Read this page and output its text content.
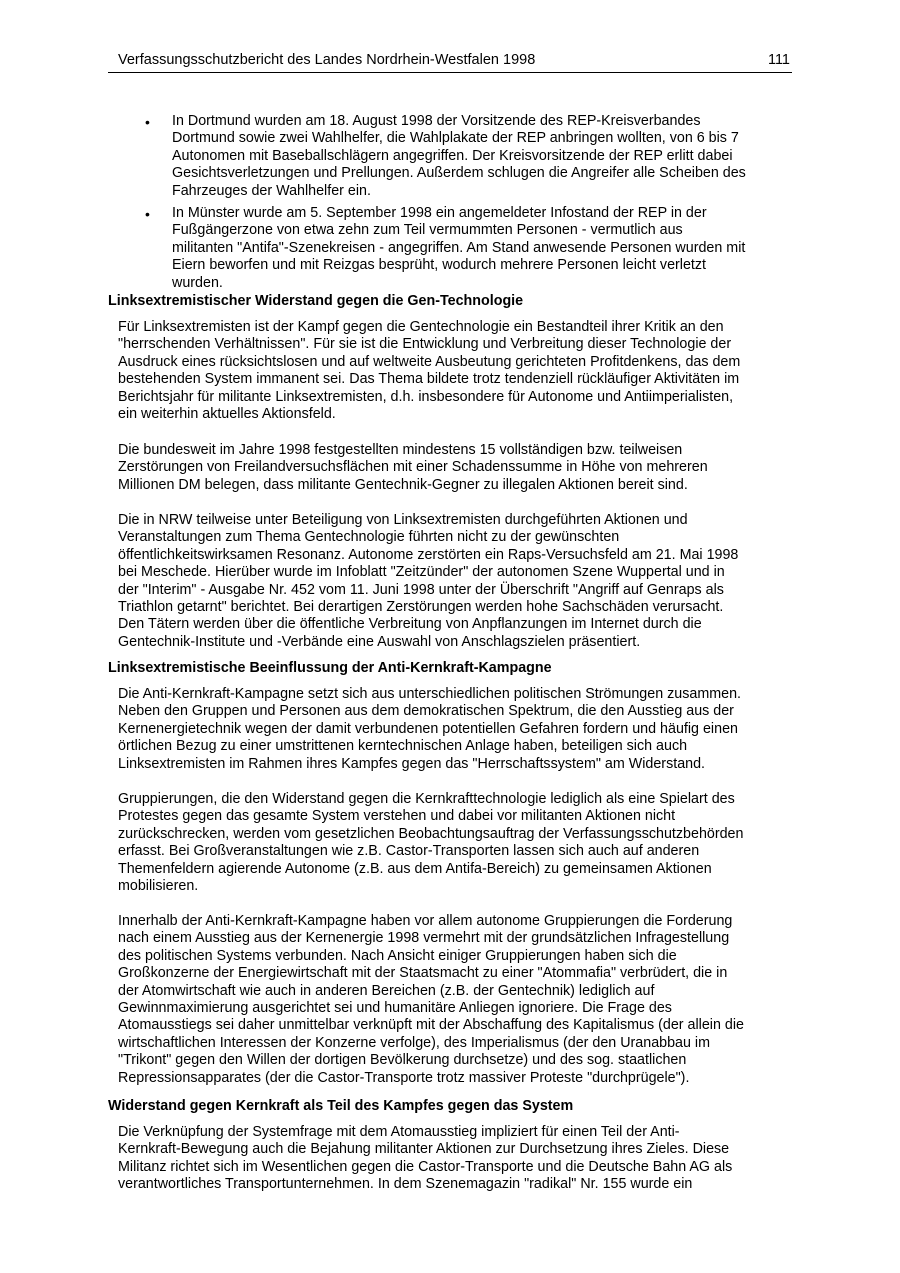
Verfassungsschutzbericht des Landes Nordrhein-Westfalen 1998	111
• In Dortmund wurden am 18. August 1998 der Vorsitzende des REP-Kreisverbandes
Dortmund sowie zwei Wahlhelfer, die Wahlplakate der REP anbringen wollten, von 6 bis 7
Autonomen mit Baseballschlägern angegriffen. Der Kreisvorsitzende der REP erlitt dabei
Gesichtsverletzungen und Prellungen. Außerdem schlugen die Angreifer alle Scheiben des
Fahrzeuges der Wahlhelfer ein.
• In Münster wurde am 5. September 1998 ein angemeldeter Infostand der REP in der
Fußgängerzone von etwa zehn zum Teil vermummten Personen - vermutlich aus
militanten "Antifa"-Szenekreisen - angegriffen. Am Stand anwesende Personen wurden mit
Eiern beworfen und mit Reizgas besprüht, wodurch mehrere Personen leicht verletzt
wurden.
Linksextremistischer Widerstand gegen die Gen-Technologie
Für Linksextremisten ist der Kampf gegen die Gentechnologie ein Bestandteil ihrer Kritik an den
"herrschenden Verhältnissen". Für sie ist die Entwicklung und Verbreitung dieser Technologie der
Ausdruck eines rücksichtslosen und auf weltweite Ausbeutung gerichteten Profitdenkens, das dem
bestehenden System immanent sei. Das Thema bildete trotz tendenziell rückläufiger Aktivitäten im
Berichtsjahr für militante Linksextremisten, d.h. insbesondere für Autonome und Antiimperialisten,
ein weiterhin aktuelles Aktionsfeld.
Die bundesweit im Jahre 1998 festgestellten mindestens 15 vollständigen bzw. teilweisen
Zerstörungen von Freilandversuchsflächen mit einer Schadenssumme in Höhe von mehreren
Millionen DM belegen, dass militante Gentechnik-Gegner zu illegalen Aktionen bereit sind.
Die in NRW teilweise unter Beteiligung von Linksextremisten durchgeführten Aktionen und
Veranstaltungen zum Thema Gentechnologie führten nicht zu der gewünschten
öffentlichkeitswirksamen Resonanz. Autonome zerstörten ein Raps-Versuchsfeld am 21. Mai 1998
bei Meschede. Hierüber wurde im Infoblatt "Zeitzünder" der autonomen Szene Wuppertal und in
der "Interim" - Ausgabe Nr. 452 vom 11. Juni 1998 unter der Überschrift "Angriff auf Genraps als
Triathlon getarnt" berichtet. Bei derartigen Zerstörungen werden hohe Sachschäden verursacht.
Den Tätern werden über die öffentliche Verbreitung von Anpflanzungen im Internet durch die
Gentechnik-Institute und -Verbände eine Auswahl von Anschlagszielen präsentiert.
Linksextremistische Beeinflussung der Anti-Kernkraft-Kampagne
Die Anti-Kernkraft-Kampagne setzt sich aus unterschiedlichen politischen Strömungen zusammen.
Neben den Gruppen und Personen aus dem demokratischen Spektrum, die den Ausstieg aus der
Kernenergietechnik wegen der damit verbundenen potentiellen Gefahren fordern und häufig einen
örtlichen Bezug zu einer umstrittenen kerntechnischen Anlage haben, beteiligen sich auch
Linksextremisten im Rahmen ihres Kampfes gegen das "Herrschaftssystem" am Widerstand.
Gruppierungen, die den Widerstand gegen die Kernkrafttechnologie lediglich als eine Spielart des
Protestes gegen das gesamte System verstehen und dabei vor militanten Aktionen nicht
zurückschrecken, werden vom gesetzlichen Beobachtungsauftrag der Verfassungsschutzbehörden
erfasst. Bei Großveranstaltungen wie z.B. Castor-Transporten lassen sich auch auf anderen
Themenfeldern agierende Autonome (z.B. aus dem Antifa-Bereich) zu gemeinsamen Aktionen
mobilisieren.
Innerhalb der Anti-Kernkraft-Kampagne haben vor allem autonome Gruppierungen die Forderung
nach einem Ausstieg aus der Kernenergie 1998 vermehrt mit der grundsätzlichen Infragestellung
des politischen Systems verbunden. Nach Ansicht einiger Gruppierungen haben sich die
Großkonzerne der Energiewirtschaft mit der Staatsmacht zu einer "Atommafia" verbrüdert, die in
der Atomwirtschaft wie auch in anderen Bereichen (z.B. der Gentechnik) lediglich auf
Gewinnmaximierung ausgerichtet sei und humanitäre Anliegen ignoriere. Die Frage des
Atomausstiegs sei daher unmittelbar verknüpft mit der Abschaffung des Kapitalismus (der allein die
wirtschaftlichen Interessen der Konzerne verfolge), des Imperialismus (der den Uranabbau im
"Trikont" gegen den Willen der dortigen Bevölkerung durchsetze) und des sog. staatlichen
Repressionsapparates (der die Castor-Transporte trotz massiver Proteste "durchprügele").
Widerstand gegen Kernkraft als Teil des Kampfes gegen das System
Die Verknüpfung der Systemfrage mit dem Atomausstieg impliziert für einen Teil der Anti-
Kernkraft-Bewegung auch die Bejahung militanter Aktionen zur Durchsetzung ihres Zieles. Diese
Militanz richtet sich im Wesentlichen gegen die Castor-Transporte und die Deutsche Bahn AG als
verantwortliches Transportunternehmen. In dem Szenemagazin "radikal" Nr. 155 wurde ein
